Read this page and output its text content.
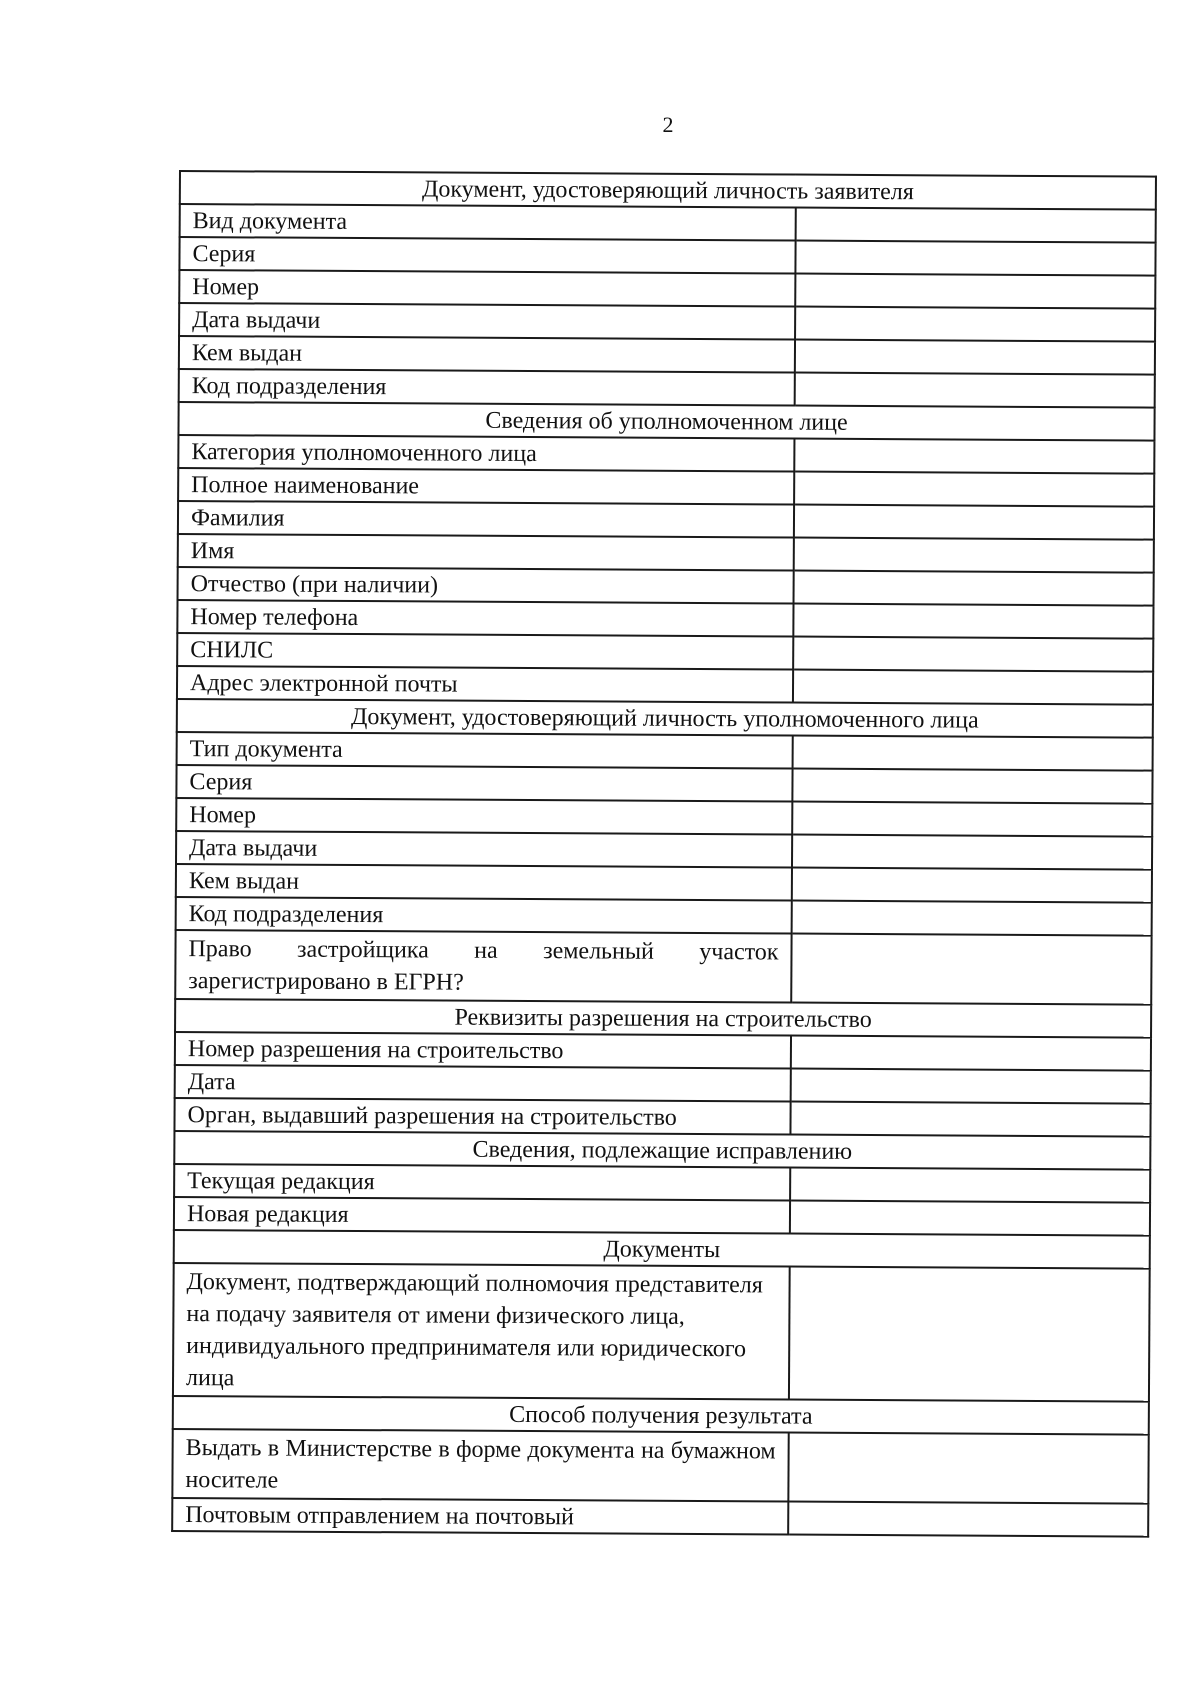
2
Документ, удостоверяющий личность заявителя	
Вид документа	
Серия	
Номер	
Дата выдачи	
Кем выдан	
Код подразделения	
Сведения об уполномоченном лице	
Категория уполномоченного лица	
Полное наименование	
Фамилия	
Имя	
Отчество (при наличии)	
Номер телефона	
СНИЛС	
Адрес электронной почты	
Документ, удостоверяющий личность уполномоченного лица	
Тип документа	
Серия	
Номер	
Дата выдачи	
Кем выдан	
Код подразделения	
Право застройщика на земельный участок зарегистрировано в ЕГРН?	
Реквизиты разрешения на строительство	
Номер разрешения на строительство	
Дата	
Орган, выдавший разрешения на строительство	
Сведения, подлежащие исправлению	
Текущая редакция	
Новая редакция	
Документы	
Документ, подтверждающий полномочия представителя на подачу заявителя от имени физического лица, индивидуального предпринимателя или юридического лица	
Способ получения результата	
Выдать в Министерстве в форме документа на бумажном носителе	
Почтовым отправлением на почтовый	
